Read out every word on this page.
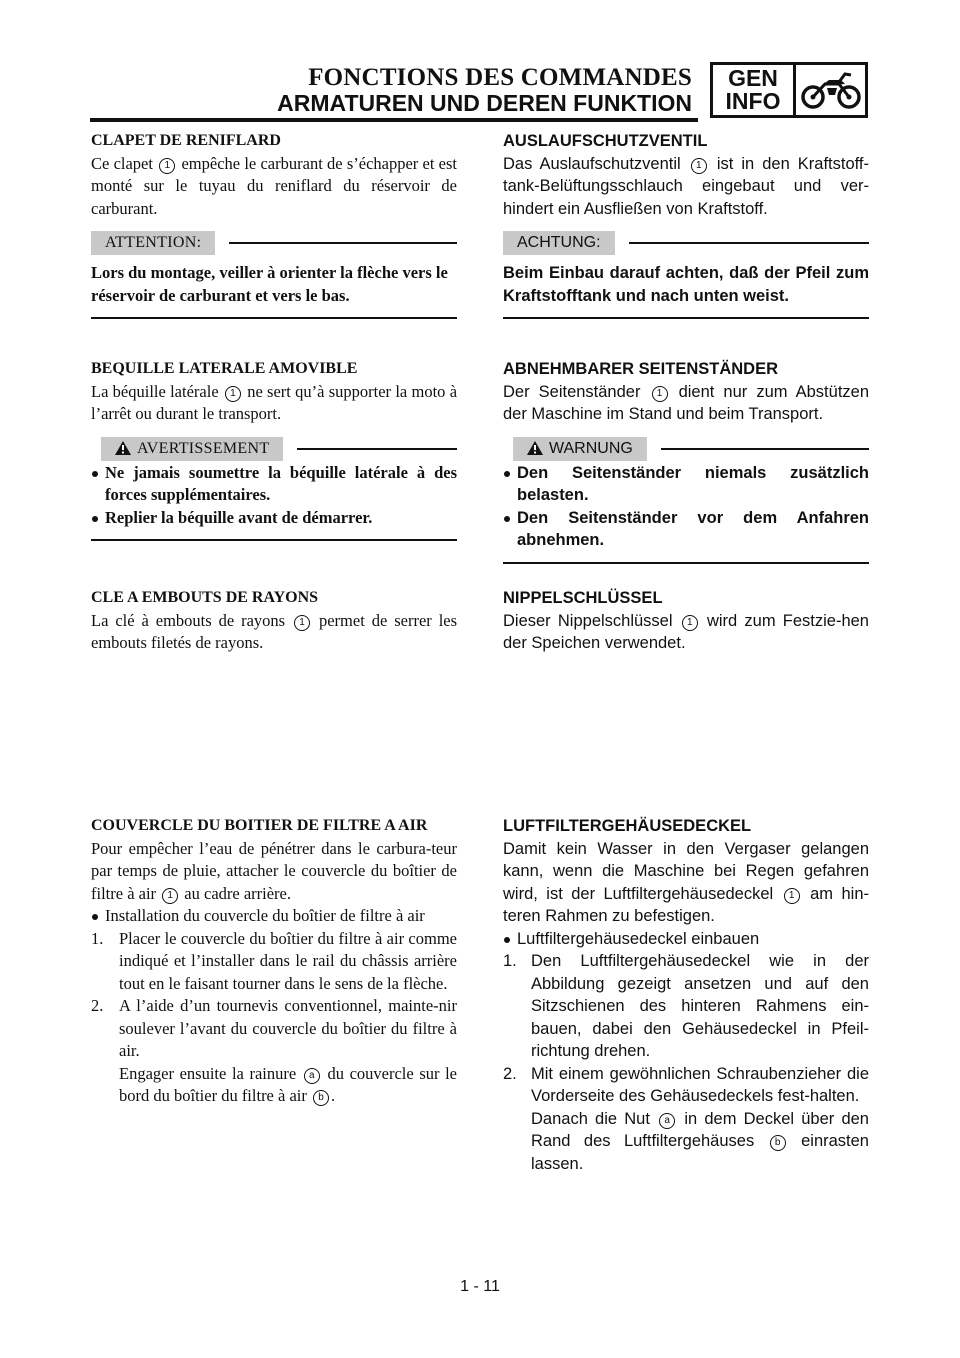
FONCTIONS DES COMMANDES
ARMATUREN UND DEREN FUNKTION
GEN
INFO
CLAPET DE RENIFLARD
Ce clapet 1 empêche le carburant de s’échapper et est monté sur le tuyau du reniflard du réservoir de carburant.
ATTENTION:
Lors du montage, veiller à orienter la flèche vers le réservoir de carburant et vers le bas.
BEQUILLE LATERALE AMOVIBLE
La béquille latérale 1 ne sert qu’à supporter la moto à l’arrêt ou durant le transport.
AVERTISSEMENT
Ne jamais soumettre la béquille latérale à des forces supplémentaires.
Replier la béquille avant de démarrer.
CLE A EMBOUTS DE RAYONS
La clé à embouts de rayons 1 permet de serrer les embouts filetés de rayons.
COUVERCLE DU BOITIER DE FILTRE A AIR
Pour empêcher l’eau de pénétrer dans le carbura-teur par temps de pluie, attacher le couvercle du boîtier de filtre à air 1 au cadre arrière.
Installation du couvercle du boîtier de filtre à air
1. Placer le couvercle du boîtier du filtre à air comme indiqué et l’installer dans le rail du châssis arrière tout en le faisant tourner dans le sens de la flèche.
2. A l’aide d’un tournevis conventionnel, mainte-nir soulever l’avant du couvercle du boîtier du filtre à air.
Engager ensuite la rainure a du couvercle sur le bord du boîtier du filtre à air b .
AUSLAUFSCHUTZVENTIL
Das Auslaufschutzventil 1 ist in den Kraftstoff-tank-Belüftungsschlauch eingebaut und ver-hindert ein Ausfließen von Kraftstoff.
ACHTUNG:
Beim Einbau darauf achten, daß der Pfeil zum Kraftstofftank und nach unten weist.
ABNEHMBARER SEITENSTÄNDER
Der Seitenständer 1 dient nur zum Abstützen der Maschine im Stand und beim Transport.
WARNUNG
Den Seitenständer niemals zusätzlich belasten.
Den Seitenständer vor dem Anfahren abnehmen.
NIPPELSCHLÜSSEL
Dieser Nippelschlüssel 1 wird zum Festzie-hen der Speichen verwendet.
LUFTFILTERGEHÄUSEDECKEL
Damit kein Wasser in den Vergaser gelangen kann, wenn die Maschine bei Regen gefahren wird, ist der Luftfiltergehäusedeckel 1 am hin-teren Rahmen zu befestigen.
Luftfiltergehäusedeckel einbauen
1. Den Luftfiltergehäusedeckel wie in der Abbildung gezeigt ansetzen und auf den Sitzschienen des hinteren Rahmens ein-bauen, dabei den Gehäusedeckel in Pfeil-richtung drehen.
2. Mit einem gewöhnlichen Schraubenzieher die Vorderseite des Gehäusedeckels fest-halten.
Danach die Nut a in dem Deckel über den Rand des Luftfiltergehäuses b einrasten lassen.
1 - 11
